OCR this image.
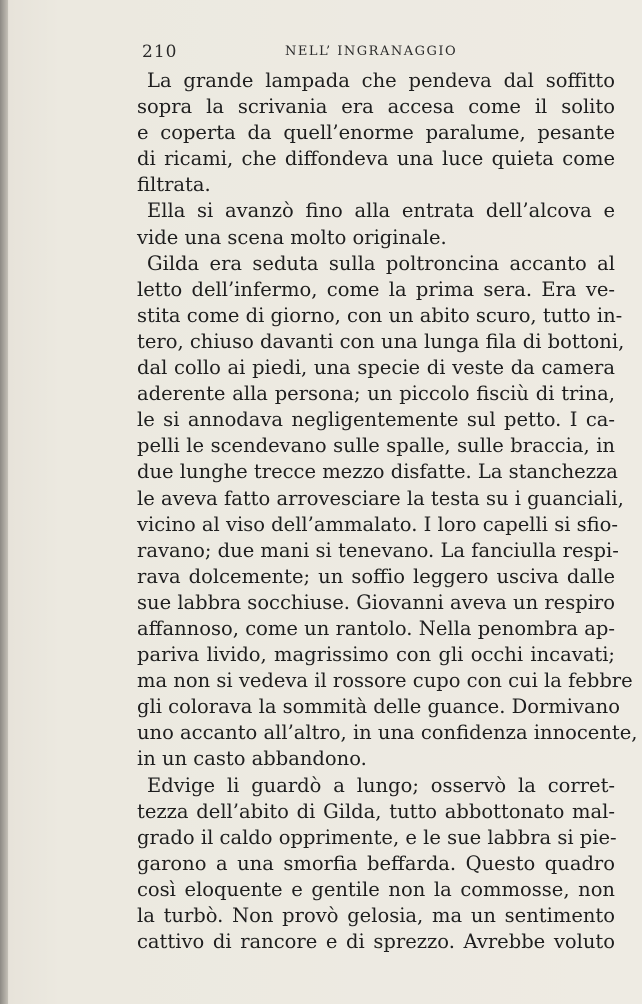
210	NELL’ INGRANAGGIO
La grande lampada che pendeva dal soffitto
sopra la scrivania era accesa come il solito
e coperta da quell’enorme paralume, pesante
di ricami, che diffondeva una luce quieta come
filtrata.
Ella si avanzò fino alla entrata dell’alcova e
vide una scena molto originale.
Gilda era seduta sulla poltroncina accanto al
letto dell’infermo, come la prima sera. Era ve-
stita come di giorno, con un abito scuro, tutto in-
tero, chiuso davanti con una lunga fila di bottoni,
dal collo ai piedi, una specie di veste da camera
aderente alla persona; un piccolo fisciù di trina,
le si annodava negligentemente sul petto. I ca-
pelli le scendevano sulle spalle, sulle braccia, in
due lunghe trecce mezzo disfatte. La stanchezza
le aveva fatto arrovesciare la testa su i guanciali,
vicino al viso dell’ammalato. I loro capelli si sfio-
ravano; due mani si tenevano. La fanciulla respi-
rava dolcemente; un soffio leggero usciva dalle
sue labbra socchiuse. Giovanni aveva un respiro
affannoso, come un rantolo. Nella penombra ap-
pariva livido, magrissimo con gli occhi incavati;
ma non si vedeva il rossore cupo con cui la febbre
gli colorava la sommità delle guance. Dormivano
uno accanto all’altro, in una confidenza innocente,
in un casto abbandono.
Edvige li guardò a lungo; osservò la corret-
tezza dell’abito di Gilda, tutto abbottonato mal-
grado il caldo opprimente, e le sue labbra si pie-
garono a una smorfia beffarda. Questo quadro
così eloquente e gentile non la commosse, non
la turbò. Non provò gelosia, ma un sentimento
cattivo di rancore e di sprezzo. Avrebbe voluto
